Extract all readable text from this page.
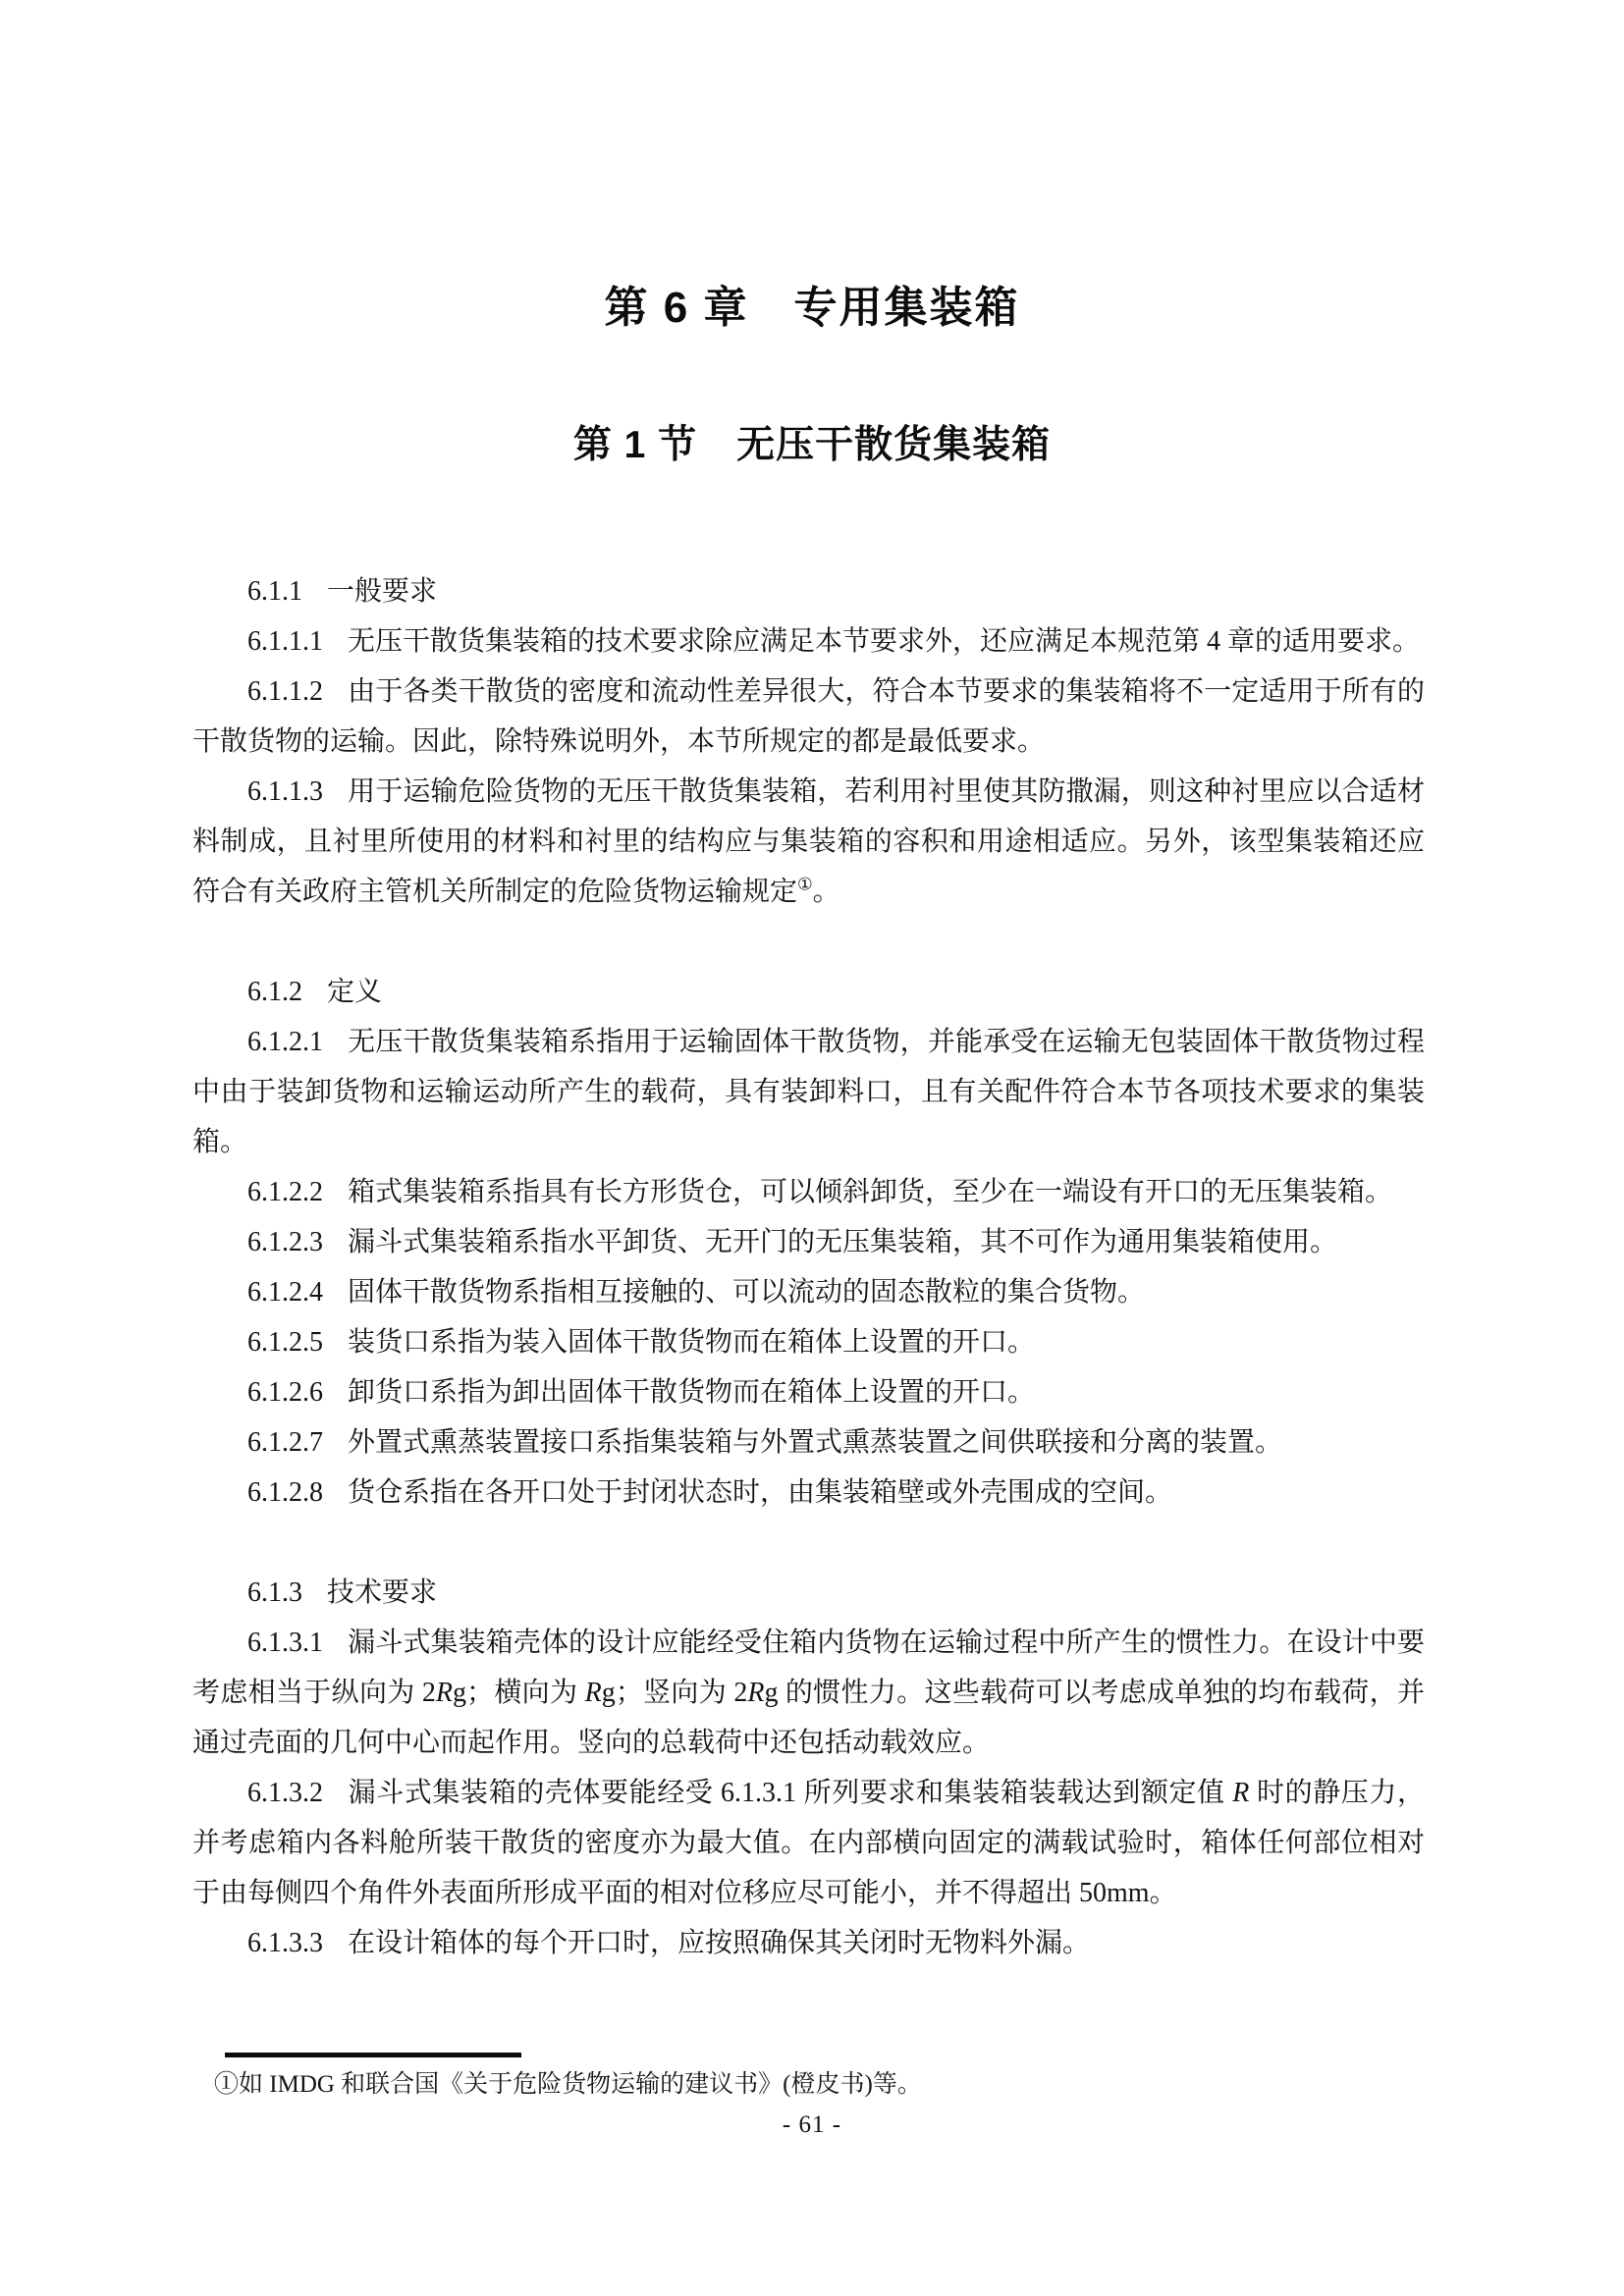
第 6 章　专用集装箱
第 1 节　无压干散货集装箱

6.1.1 一般要求

6.1.1.1 无压干散货集装箱的技术要求除应满足本节要求外，还应满足本规范第 4 章的适用要求。

6.1.1.2 由于各类干散货的密度和流动性差异很大，符合本节要求的集装箱将不一定适用于所有的干散货物的运输。因此，除特殊说明外，本节所规定的都是最低要求。

6.1.1.3 用于运输危险货物的无压干散货集装箱，若利用衬里使其防撒漏，则这种衬里应以合适材料制成，且衬里所使用的材料和衬里的结构应与集装箱的容积和用途相适应。另外，该型集装箱还应符合有关政府主管机关所制定的危险货物运输规定①。

6.1.2 定义

6.1.2.1 无压干散货集装箱系指用于运输固体干散货物，并能承受在运输无包装固体干散货物过程中由于装卸货物和运输运动所产生的载荷，具有装卸料口，且有关配件符合本节各项技术要求的集装箱。

6.1.2.2 箱式集装箱系指具有长方形货仓，可以倾斜卸货，至少在一端设有开口的无压集装箱。

6.1.2.3 漏斗式集装箱系指水平卸货、无开门的无压集装箱，其不可作为通用集装箱使用。

6.1.2.4 固体干散货物系指相互接触的、可以流动的固态散粒的集合货物。

6.1.2.5 装货口系指为装入固体干散货物而在箱体上设置的开口。

6.1.2.6 卸货口系指为卸出固体干散货物而在箱体上设置的开口。

6.1.2.7 外置式熏蒸装置接口系指集装箱与外置式熏蒸装置之间供联接和分离的装置。

6.1.2.8 货仓系指在各开口处于封闭状态时，由集装箱壁或外壳围成的空间。

6.1.3 技术要求

6.1.3.1 漏斗式集装箱壳体的设计应能经受住箱内货物在运输过程中所产生的惯性力。在设计中要考虑相当于纵向为 2Rg；横向为 Rg；竖向为 2Rg 的惯性力。这些载荷可以考虑成单独的均布载荷，并通过壳面的几何中心而起作用。竖向的总载荷中还包括动载效应。

6.1.3.2 漏斗式集装箱的壳体要能经受 6.1.3.1 所列要求和集装箱装载达到额定值 R 时的静压力，并考虑箱内各料舱所装干散货的密度亦为最大值。在内部横向固定的满载试验时，箱体任何部位相对于由每侧四个角件外表面所形成平面的相对位移应尽可能小，并不得超出 50mm。

6.1.3.3 在设计箱体的每个开口时，应按照确保其关闭时无物料外漏。

①如 IMDG 和联合国《关于危险货物运输的建议书》(橙皮书)等。

- 61 -
